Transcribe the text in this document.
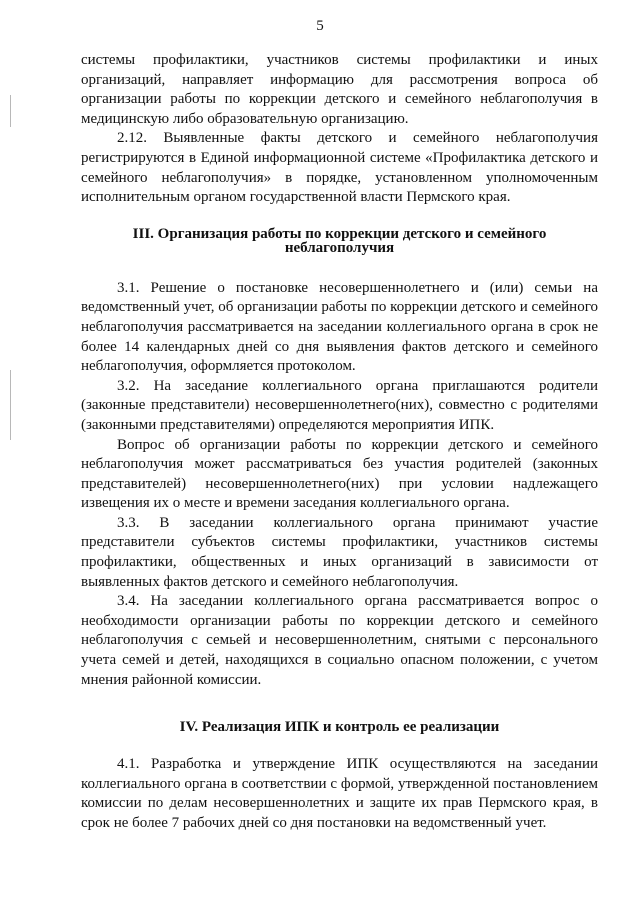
5

системы профилактики, участников системы профилактики и иных организаций, направляет информацию для рассмотрения вопроса об организации работы по коррекции детского и семейного неблагополучия в медицинскую либо образовательную организацию.

2.12. Выявленные факты детского и семейного неблагополучия регистрируются в Единой информационной системе «Профилактика детского и семейного неблагополучия» в порядке, установленном уполномоченным исполнительным органом государственной власти Пермского края.

III. Организация работы по коррекции детского и семейного неблагополучия

3.1. Решение о постановке несовершеннолетнего и (или) семьи на ведомственный учет, об организации работы по коррекции детского и семейного неблагополучия рассматривается на заседании коллегиального органа в срок не более 14 календарных дней со дня выявления фактов детского и семейного неблагополучия, оформляется протоколом.

3.2. На заседание коллегиального органа приглашаются родители (законные представители) несовершеннолетнего(них), совместно с родителями (законными представителями) определяются мероприятия ИПК.

Вопрос об организации работы по коррекции детского и семейного неблагополучия может рассматриваться без участия родителей (законных представителей) несовершеннолетнего(них) при условии надлежащего извещения их о месте и времени заседания коллегиального органа.

3.3. В заседании коллегиального органа принимают участие представители субъектов системы профилактики, участников системы профилактики, общественных и иных организаций в зависимости от выявленных фактов детского и семейного неблагополучия.

3.4. На заседании коллегиального органа рассматривается вопрос о необходимости организации работы по коррекции детского и семейного неблагополучия с семьей и несовершеннолетним, снятыми с персонального учета семей и детей, находящихся в социально опасном положении, с учетом мнения районной комиссии.

IV. Реализация ИПК и контроль ее реализации

4.1. Разработка и утверждение ИПК осуществляются на заседании коллегиального органа в соответствии с формой, утвержденной постановлением комиссии по делам несовершеннолетних и защите их прав Пермского края, в срок не более 7 рабочих дней со дня постановки на ведомственный учет.
